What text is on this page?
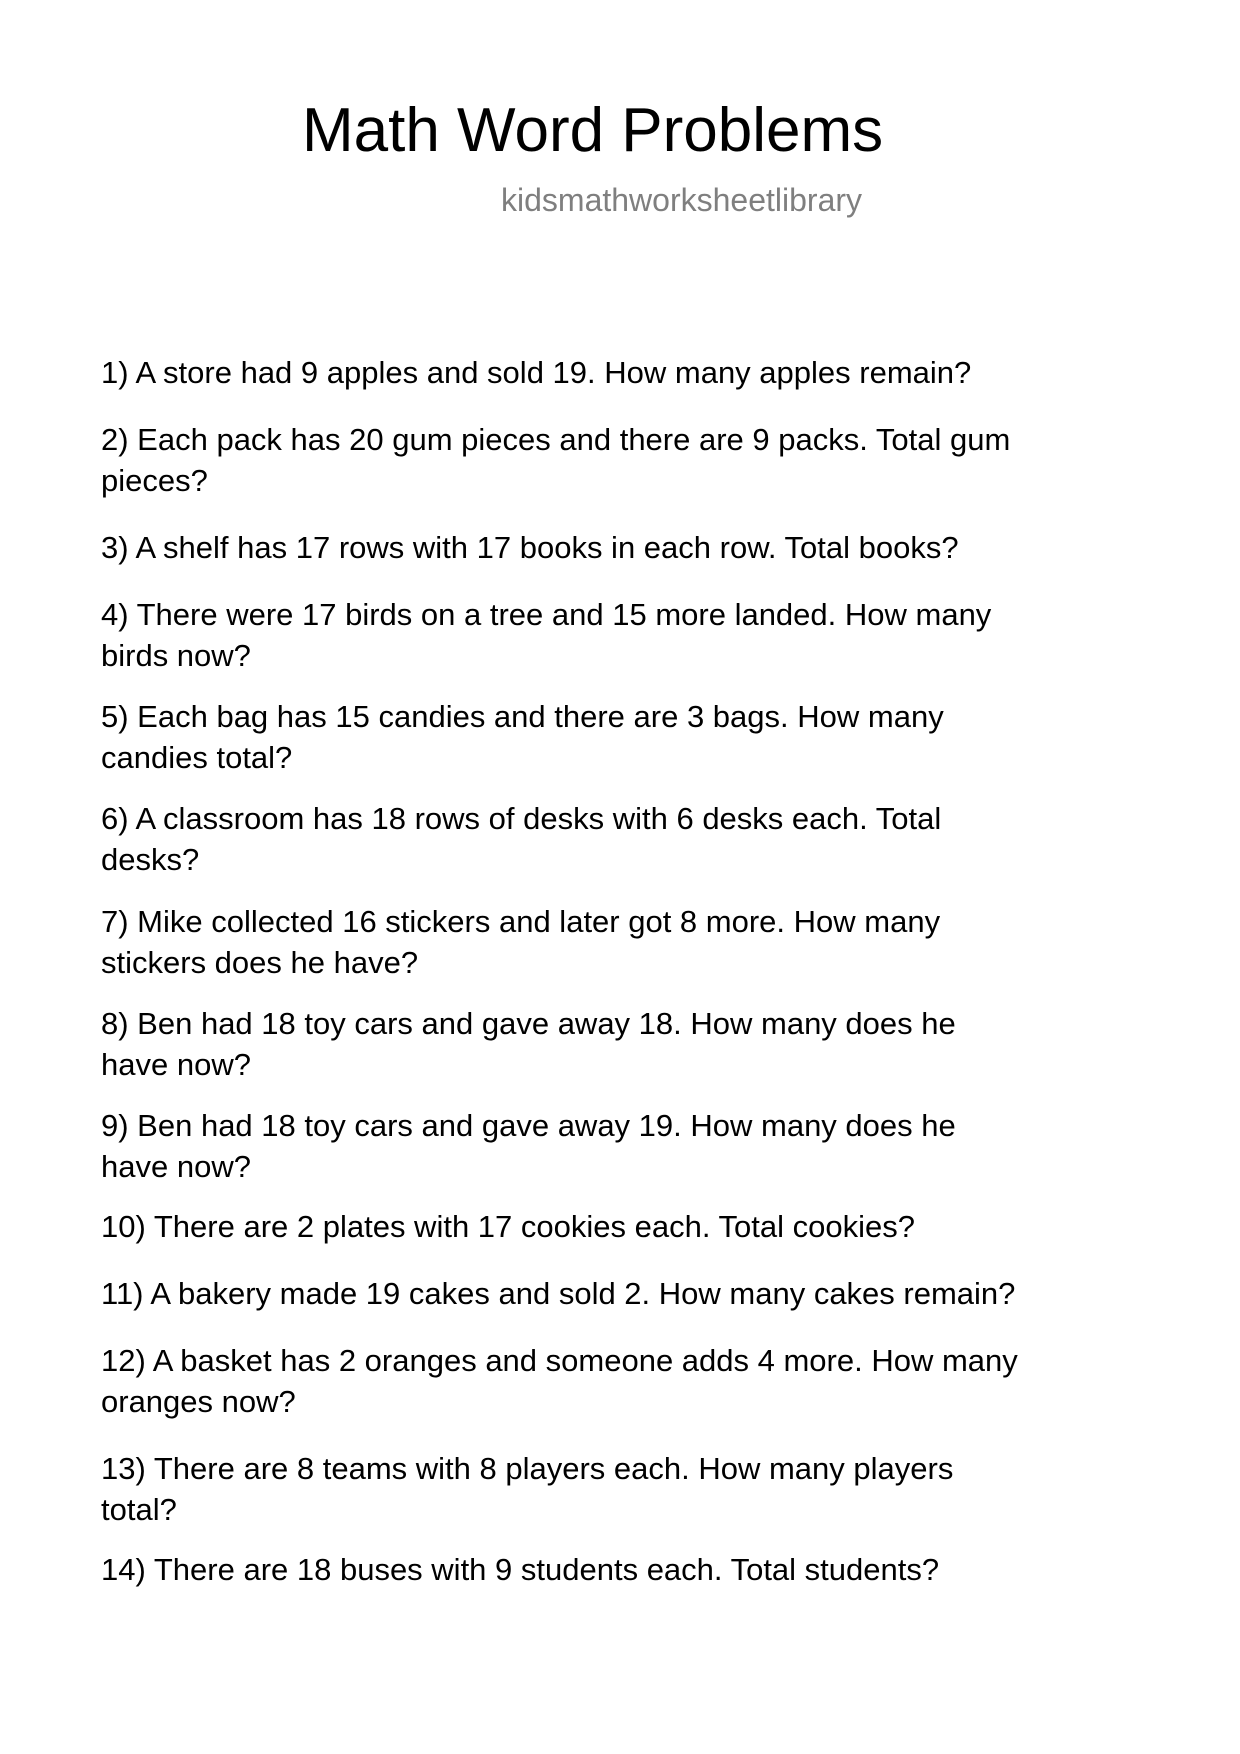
Math Word Problems
kidsmathworksheetlibrary
1) A store had 9 apples and sold 19. How many apples remain?
2) Each pack has 20 gum pieces and there are 9 packs. Total gum
pieces?
3) A shelf has 17 rows with 17 books in each row. Total books?
4) There were 17 birds on a tree and 15 more landed. How many
birds now?
5) Each bag has 15 candies and there are 3 bags. How many
candies total?
6) A classroom has 18 rows of desks with 6 desks each. Total
desks?
7) Mike collected 16 stickers and later got 8 more. How many
stickers does he have?
8) Ben had 18 toy cars and gave away 18. How many does he
have now?
9) Ben had 18 toy cars and gave away 19. How many does he
have now?
10) There are 2 plates with 17 cookies each. Total cookies?
11) A bakery made 19 cakes and sold 2. How many cakes remain?
12) A basket has 2 oranges and someone adds 4 more. How many
oranges now?
13) There are 8 teams with 8 players each. How many players
total?
14) There are 18 buses with 9 students each. Total students?
